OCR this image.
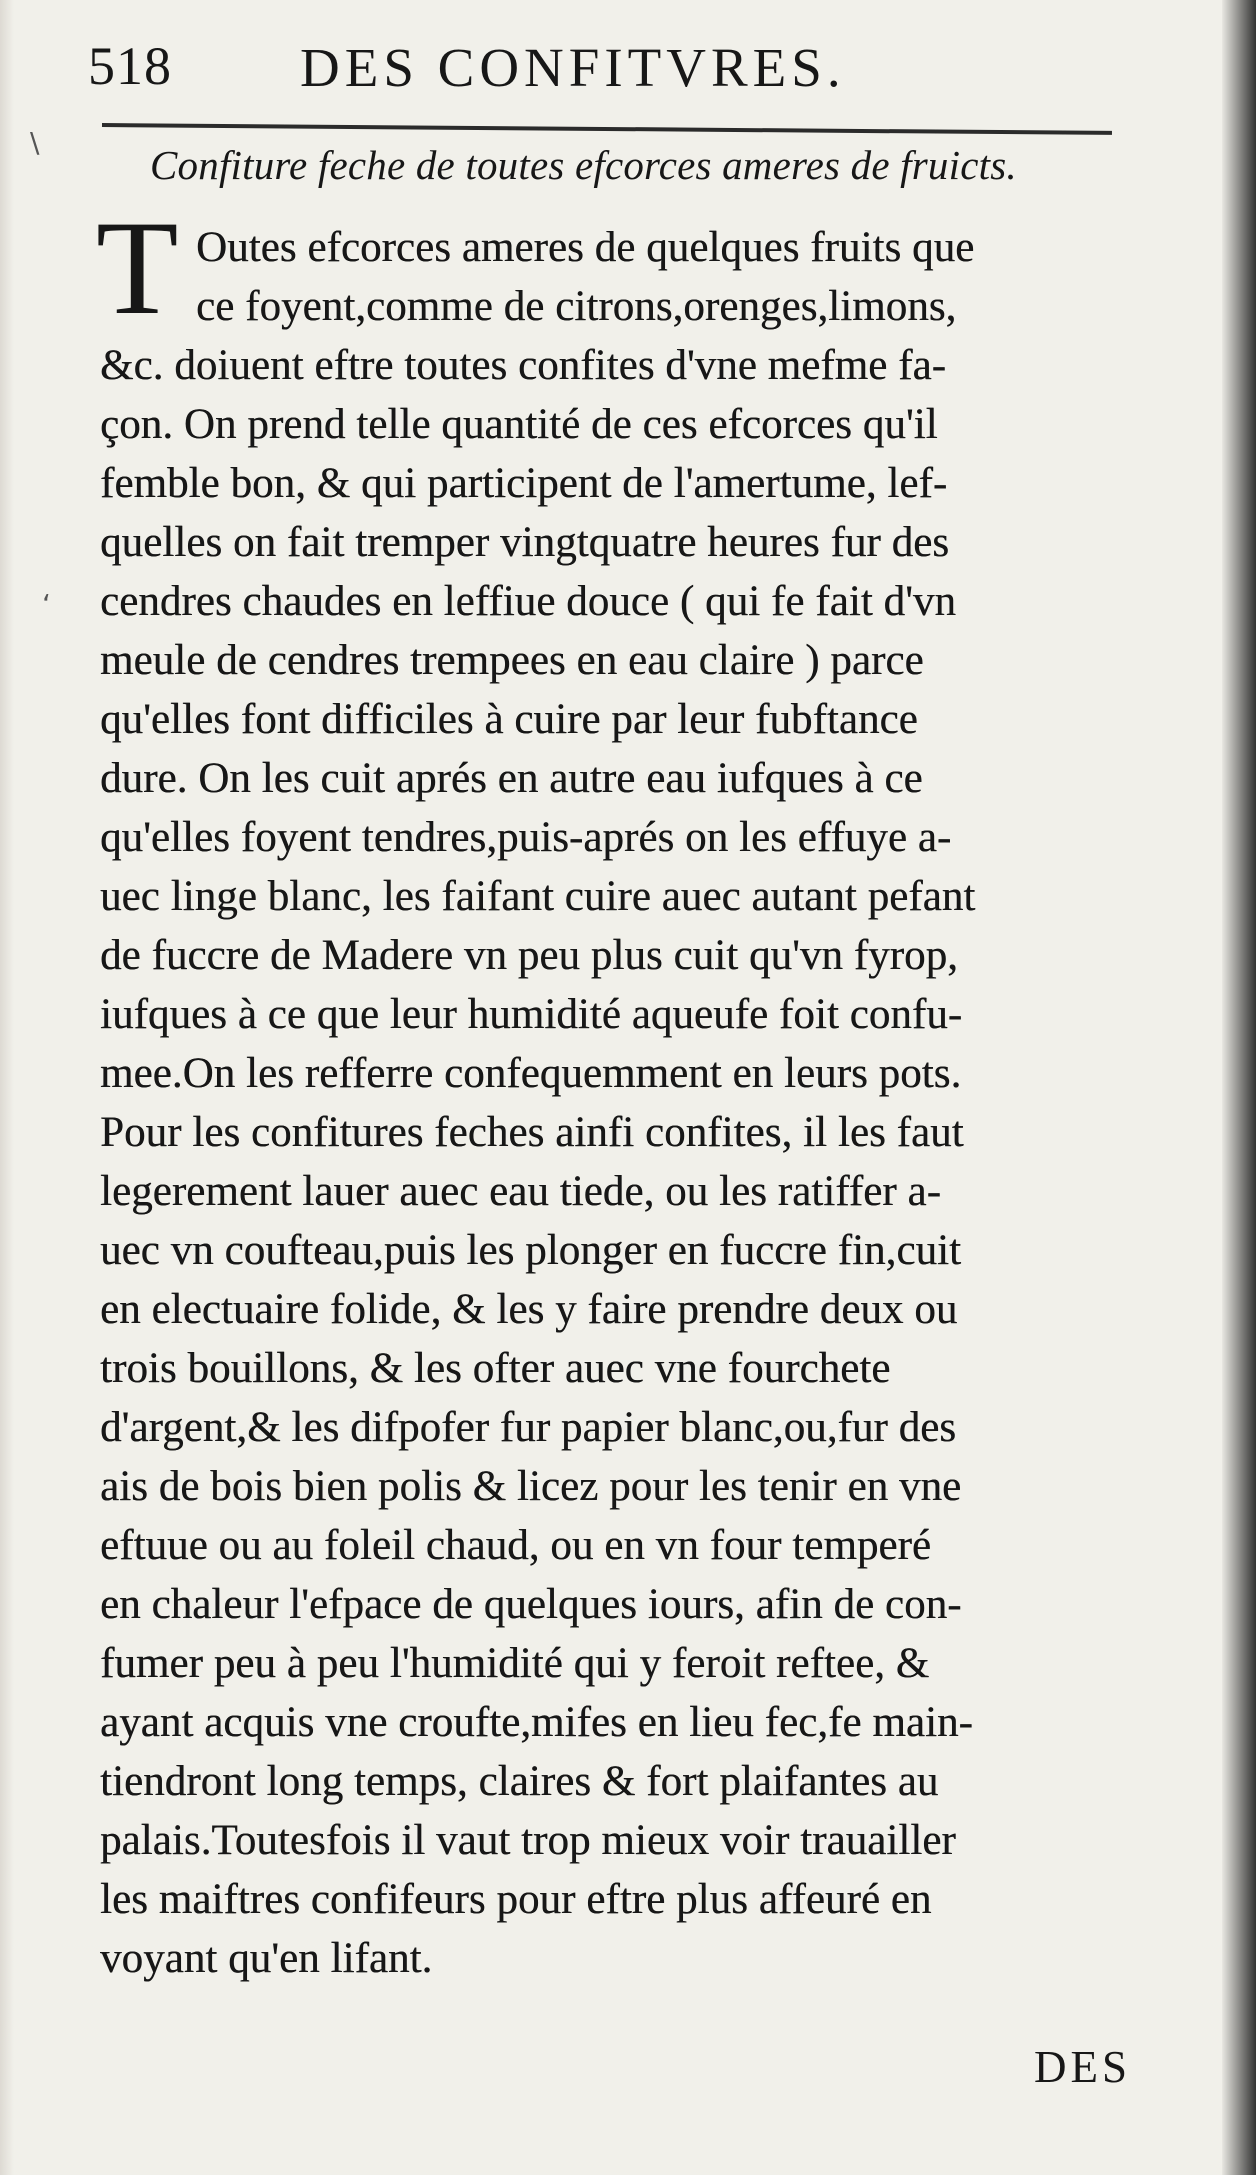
518 DES CONFITVRES.
\
‘
Confiture feche de toutes efcorces ameres de fruicts.
T Outes efcorces ameres de quelques fruits que
ce foyent,comme de citrons,orenges,limons,
&c. doiuent eftre toutes confites d'vne mefme fa-
çon. On prend telle quantité de ces efcorces qu'il
femble bon, & qui participent de l'amertume, lef-
quelles on fait tremper vingtquatre heures fur des
cendres chaudes en leffiue douce ( qui fe fait d'vn
meule de cendres trempees en eau claire ) parce
qu'elles font difficiles à cuire par leur fubftance
dure. On les cuit aprés en autre eau iufques à ce
qu'elles foyent tendres,puis-aprés on les effuye a-
uec linge blanc, les faifant cuire auec autant pefant
de fuccre de Madere vn peu plus cuit qu'vn fyrop,
iufques à ce que leur humidité aqueufe foit confu-
mee.On les refferre confequemment en leurs pots.
Pour les confitures feches ainfi confites, il les faut
legerement lauer auec eau tiede, ou les ratiffer a-
uec vn coufteau,puis les plonger en fuccre fin,cuit
en electuaire folide, & les y faire prendre deux ou
trois bouillons, & les ofter auec vne fourchete
d'argent,& les difpofer fur papier blanc,ou,fur des
ais de bois bien polis & licez pour les tenir en vne
eftuue ou au foleil chaud, ou en vn four temperé
en chaleur l'efpace de quelques iours, afin de con-
fumer peu à peu l'humidité qui y feroit reftee, &
ayant acquis vne croufte,mifes en lieu fec,fe main-
tiendront long temps, claires & fort plaifantes au
palais.Toutesfois il vaut trop mieux voir trauailler
les maiftres confifeurs pour eftre plus affeuré en
voyant qu'en lifant.
DES
